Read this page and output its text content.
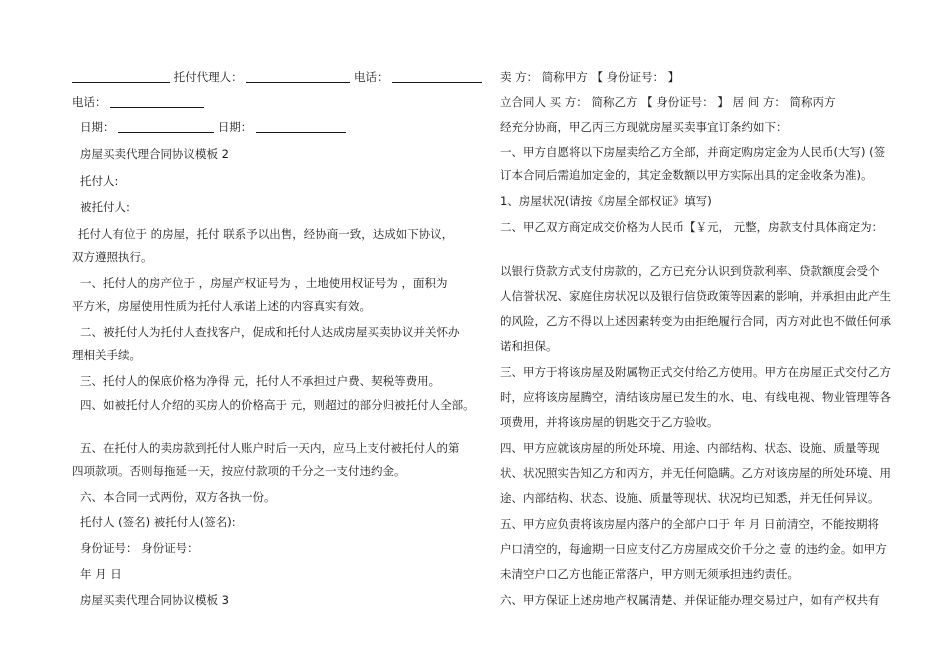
托付代理人：	电话：

电话：

日期：	日期：

房屋买卖代理合同协议模板 2

托付人:

被托付人:

托付人有位于 的房屋，托付 联系予以出售，经协商一致，达成如下协议，

双方遵照执行。

一、托付人的房产位于 ，房屋产权证号为 ，土地使用权证号为 ，面积为

平方米，房屋使用性质为托付人承诺上述的内容真实有效。

二、被托付人为托付人查找客户，促成和托付人达成房屋买卖协议并关怀办

理相关手续。

三、托付人的保底价格为净得 元，托付人不承担过户费、契税等费用。

四、如被托付人介绍的买房人的价格高于 元，则超过的部分归被托付人全部。

五、在托付人的卖房款到托付人账户时后一天内，应马上支付被托付人的第

四项款项。否则每拖延一天，按应付款项的千分之一支付违约金。

六、本合同一式两份，双方各执一份。

托付人 (签名) 被托付人(签名):

身份证号： 身份证号：

年 月 日

房屋买卖代理合同协议模板 3

卖 方： 简称甲方 【 身份证号： 】

立合同人 买 方： 简称乙方 【 身份证号： 】 居 间 方： 简称丙方

经充分协商，甲乙丙三方现就房屋买卖事宜订条约如下：

一、甲方自愿将以下房屋卖给乙方全部，并商定购房定金为人民币(大写) (签

订本合同后需追加定金的，其定金数额以甲方实际出具的定金收条为准)。

1、房屋状况(请按《房屋全部权证》填写)

二、甲乙双方商定成交价格为人民币【￥元， 元整，房款支付具体商定为：

以银行贷款方式支付房款的，乙方已充分认识到贷款利率、贷款额度会受个

人信誉状况、家庭住房状况以及银行信贷政策等因素的影响，并承担由此产生

的风险，乙方不得以上述因素转变为由拒绝履行合同，丙方对此也不做任何承

诺和担保。

三、甲方于将该房屋及附属物正式交付给乙方使用。甲方在房屋正式交付乙方

时，应将该房屋腾空，清结该房屋已发生的水、电、有线电视、物业管理等各

项费用，并将该房屋的钥匙交于乙方验收。

四、甲方应就该房屋的所处环境、用途、内部结构、状态、设施、质量等现

状、状况照实告知乙方和丙方，并无任何隐瞒。乙方对该房屋的所处环境、用

途、内部结构、状态、设施、质量等现状、状况均已知悉，并无任何异议。

五、甲方应负责将该房屋内落户的全部户口于 年 月 日前清空，不能按期将

户口清空的，每逾期一日应支付乙方房屋成交价千分之 壹 的违约金。如甲方

未清空户口乙方也能正常落户，甲方则无须承担违约责任。

六、甲方保证上述房地产权属清楚、并保证能办理交易过户，如有产权共有
